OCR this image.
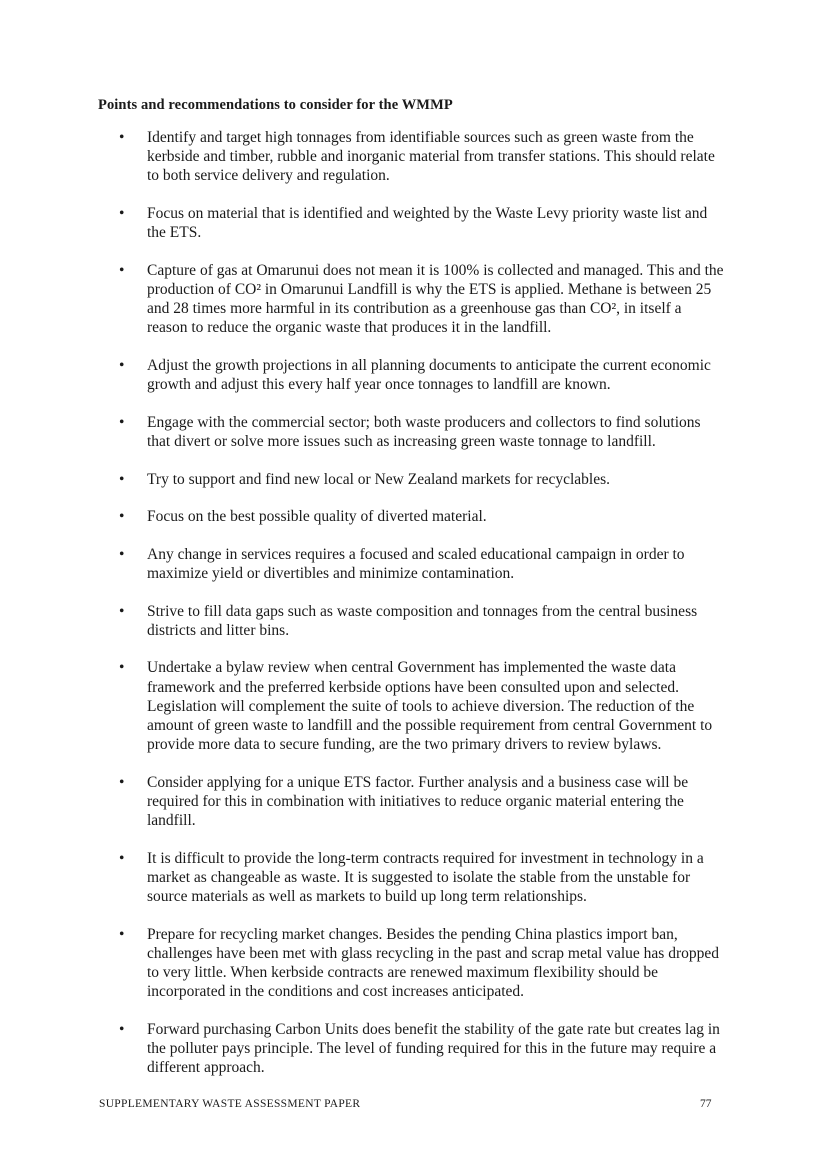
Points and recommendations to consider for the WMMP
• Identify and target high tonnages from identifiable sources such as green waste from the kerbside and timber, rubble and inorganic material from transfer stations. This should relate to both service delivery and regulation.
• Focus on material that is identified and weighted by the Waste Levy priority waste list and the ETS.
• Capture of gas at Omarunui does not mean it is 100% is collected and managed. This and the production of CO² in Omarunui Landfill is why the ETS is applied. Methane is between 25 and 28 times more harmful in its contribution as a greenhouse gas than CO², in itself a reason to reduce the organic waste that produces it in the landfill.
• Adjust the growth projections in all planning documents to anticipate the current economic growth and adjust this every half year once tonnages to landfill are known.
• Engage with the commercial sector; both waste producers and collectors to find solutions that divert or solve more issues such as increasing green waste tonnage to landfill.
• Try to support and find new local or New Zealand markets for recyclables.
• Focus on the best possible quality of diverted material.
• Any change in services requires a focused and scaled educational campaign in order to maximize yield or divertibles and minimize contamination.
• Strive to fill data gaps such as waste composition and tonnages from the central business districts and litter bins.
• Undertake a bylaw review when central Government has implemented the waste data framework and the preferred kerbside options have been consulted upon and selected. Legislation will complement the suite of tools to achieve diversion. The reduction of the amount of green waste to landfill and the possible requirement from central Government to provide more data to secure funding, are the two primary drivers to review bylaws.
• Consider applying for a unique ETS factor. Further analysis and a business case will be required for this in combination with initiatives to reduce organic material entering the landfill.
• It is difficult to provide the long-term contracts required for investment in technology in a market as changeable as waste. It is suggested to isolate the stable from the unstable for source materials as well as markets to build up long term relationships.
• Prepare for recycling market changes. Besides the pending China plastics import ban, challenges have been met with glass recycling in the past and scrap metal value has dropped to very little. When kerbside contracts are renewed maximum flexibility should be incorporated in the conditions and cost increases anticipated.
• Forward purchasing Carbon Units does benefit the stability of the gate rate but creates lag in the polluter pays principle. The level of funding required for this in the future may require a different approach.
SUPPLEMENTARY WASTE ASSESSMENT PAPER	77
